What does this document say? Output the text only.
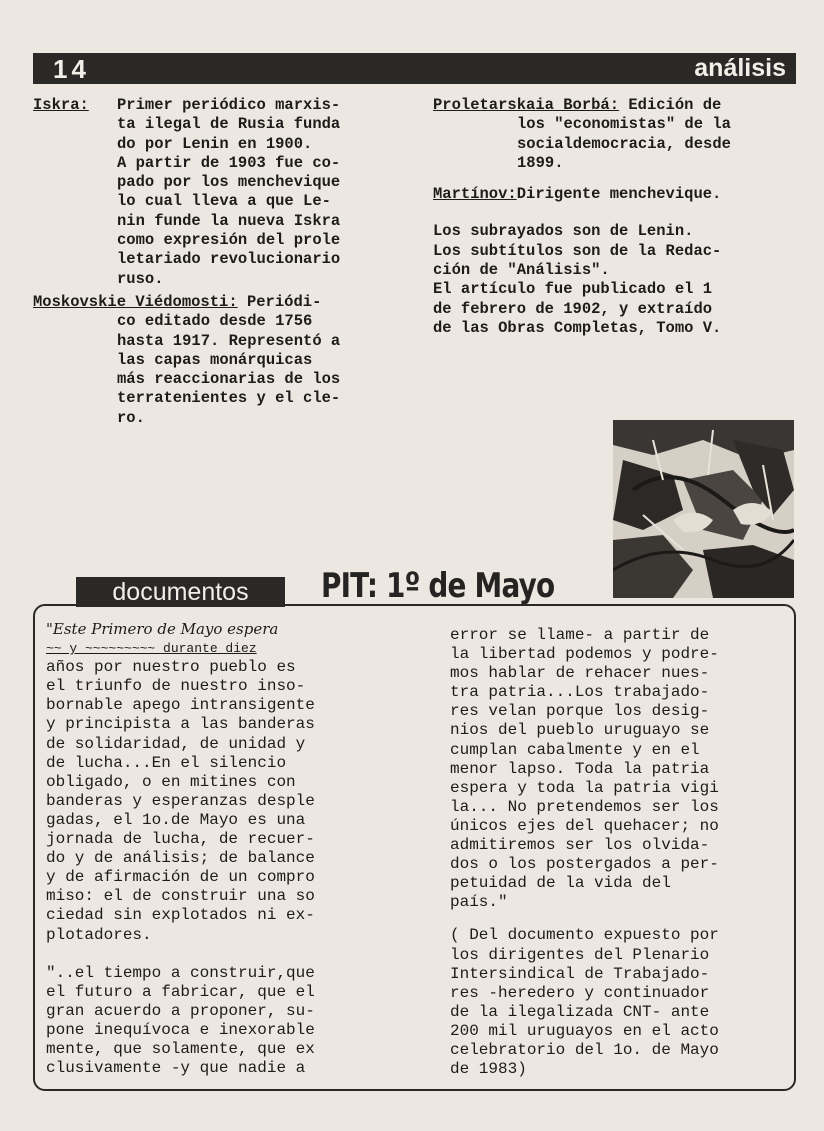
14	análisis
Iskra: Primer periódico marxis-
ta ilegal de Rusia funda
do por Lenin en 1900.
A partir de 1903 fue co-
pado por los menchevique
lo cual lleva a que Le-
nin funde la nueva Iskra
como expresión del prole
letariado revolucionario
ruso.
Moskovskie Viédomosti: Periódi-
co editado desde 1756
hasta 1917. Representó a
las capas monárquicas
más reaccionarias de los
terratenientes y el cle-
ro.
Proletarskaia Borbá: Edición de
los "economistas" de la
socialdemocracia, desde
1899.
Martínov:Dirigente menchevique.
Los subrayados son de Lenin.
Los subtítulos son de la Redac-
ción de "Análisis".
El artículo fue publicado el 1
de febrero de 1902, y extraído
de las Obras Completas, Tomo V.
documentos	PIT: 1º de Mayo
"Este Primero de Mayo espera
~~ y ~~~~~~~~~ durante diez
años por nuestro pueblo es
el triunfo de nuestro inso-
bornable apego intransigente
y principista a las banderas
de solidaridad, de unidad y
de lucha...En el silencio
obligado, o en mitines con
banderas y esperanzas desple
gadas, el 1o.de Mayo es una
jornada de lucha, de recuer-
do y de análisis; de balance
y de afirmación de un compro
miso: el de construir una so
ciedad sin explotados ni ex-
plotadores.
"..el tiempo a construir,que
el futuro a fabricar, que el
gran acuerdo a proponer, su-
pone inequívoca e inexorable
mente, que solamente, que ex
clusivamente -y que nadie a
error se llame- a partir de
la libertad podemos y podre-
mos hablar de rehacer nues-
tra patria...Los trabajado-
res velan porque los desig-
nios del pueblo uruguayo se
cumplan cabalmente y en el
menor lapso. Toda la patria
espera y toda la patria vigi
la... No pretendemos ser los
únicos ejes del quehacer; no
admitiremos ser los olvida-
dos o los postergados a per-
petuidad de la vida del
país."
( Del documento expuesto por
los dirigentes del Plenario
Intersindical de Trabajado-
res -heredero y continuador
de la ilegalizada CNT- ante
200 mil uruguayos en el acto
celebratorio del 1o. de Mayo
de 1983)
